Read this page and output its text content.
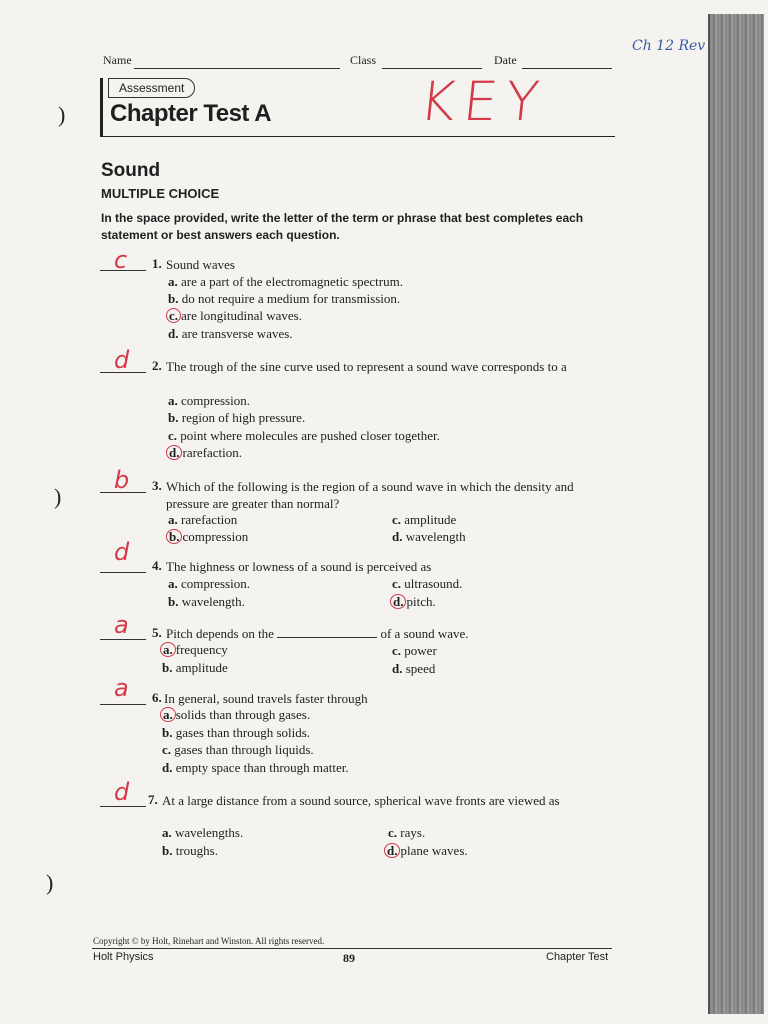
Ch 12 Rev
Name	Class	Date
Assessment
Chapter Test A	KEY
Sound
MULTIPLE CHOICE
In the space provided, write the letter of the term or phrase that best completes each statement or best answers each question.
c 1. Sound waves
a. are a part of the electromagnetic spectrum.
b. do not require a medium for transmission.
c. are longitudinal waves.
d. are transverse waves.
d 2. The trough of the sine curve used to represent a sound wave corresponds to a
a. compression.
b. region of high pressure.
c. point where molecules are pushed closer together.
d. rarefaction.
b 3. Which of the following is the region of a sound wave in which the density and pressure are greater than normal?
a. rarefaction
b. compression
c. amplitude
d. wavelength
d 4. The highness or lowness of a sound is perceived as
a. compression.
b. wavelength.
c. ultrasound.
d. pitch.
a 5. Pitch depends on the	of a sound wave.
a. frequency
b. amplitude
c. power
d. speed
a 6. In general, sound travels faster through
a. solids than through gases.
b. gases than through solids.
c. gases than through liquids.
d. empty space than through matter.
d 7. At a large distance from a sound source, spherical wave fronts are viewed as
a. wavelengths.
b. troughs.
c. rays.
d. plane waves.
Copyright © by Holt, Rinehart and Winston. All rights reserved.
Holt Physics	89	Chapter Test
)
)
)
